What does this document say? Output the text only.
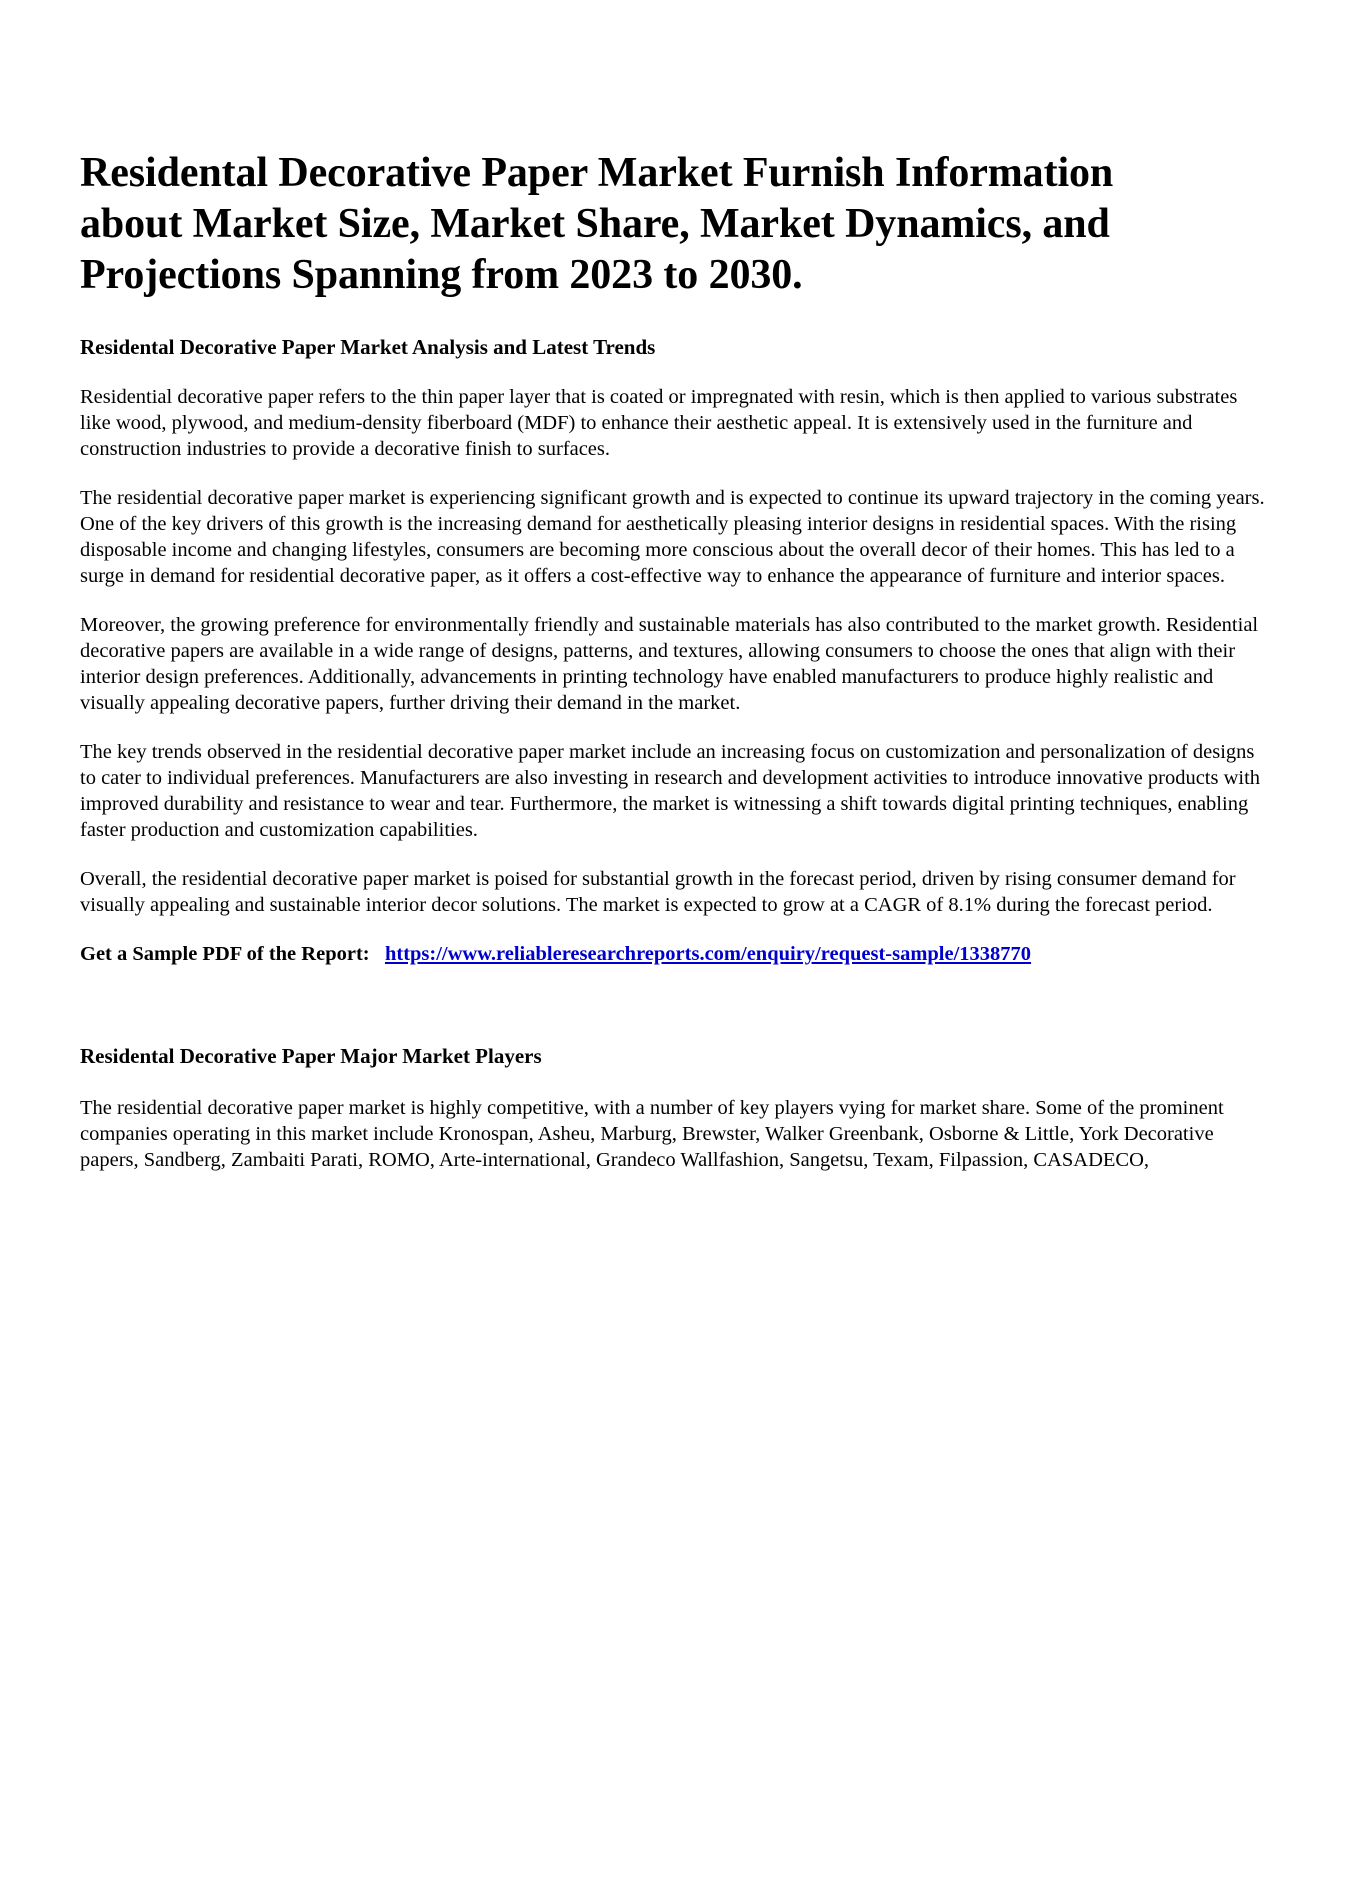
Residental Decorative Paper Market Furnish Information about Market Size, Market Share, Market Dynamics, and Projections Spanning from 2023 to 2030.
Residental Decorative Paper Market Analysis and Latest Trends

Residential decorative paper refers to the thin paper layer that is coated or impregnated with resin, which is then applied to various substrates like wood, plywood, and medium-density fiberboard (MDF) to enhance their aesthetic appeal. It is extensively used in the furniture and construction industries to provide a decorative finish to surfaces.

The residential decorative paper market is experiencing significant growth and is expected to continue its upward trajectory in the coming years. One of the key drivers of this growth is the increasing demand for aesthetically pleasing interior designs in residential spaces. With the rising disposable income and changing lifestyles, consumers are becoming more conscious about the overall decor of their homes. This has led to a surge in demand for residential decorative paper, as it offers a cost-effective way to enhance the appearance of furniture and interior spaces.

Moreover, the growing preference for environmentally friendly and sustainable materials has also contributed to the market growth. Residential decorative papers are available in a wide range of designs, patterns, and textures, allowing consumers to choose the ones that align with their interior design preferences. Additionally, advancements in printing technology have enabled manufacturers to produce highly realistic and visually appealing decorative papers, further driving their demand in the market.

The key trends observed in the residential decorative paper market include an increasing focus on customization and personalization of designs to cater to individual preferences. Manufacturers are also investing in research and development activities to introduce innovative products with improved durability and resistance to wear and tear. Furthermore, the market is witnessing a shift towards digital printing techniques, enabling faster production and customization capabilities.

Overall, the residential decorative paper market is poised for substantial growth in the forecast period, driven by rising consumer demand for visually appealing and sustainable interior decor solutions. The market is expected to grow at a CAGR of 8.1% during the forecast period.

Get a Sample PDF of the Report: https://www.reliableresearchreports.com/enquiry/request-sample/1338770

Residental Decorative Paper Major Market Players

The residential decorative paper market is highly competitive, with a number of key players vying for market share. Some of the prominent companies operating in this market include Kronospan, Asheu, Marburg, Brewster, Walker Greenbank, Osborne & Little, York Decorative papers, Sandberg, Zambaiti Parati, ROMO, Arte-international, Grandeco Wallfashion, Sangetsu, Texam, Filpassion, CASADECO,
